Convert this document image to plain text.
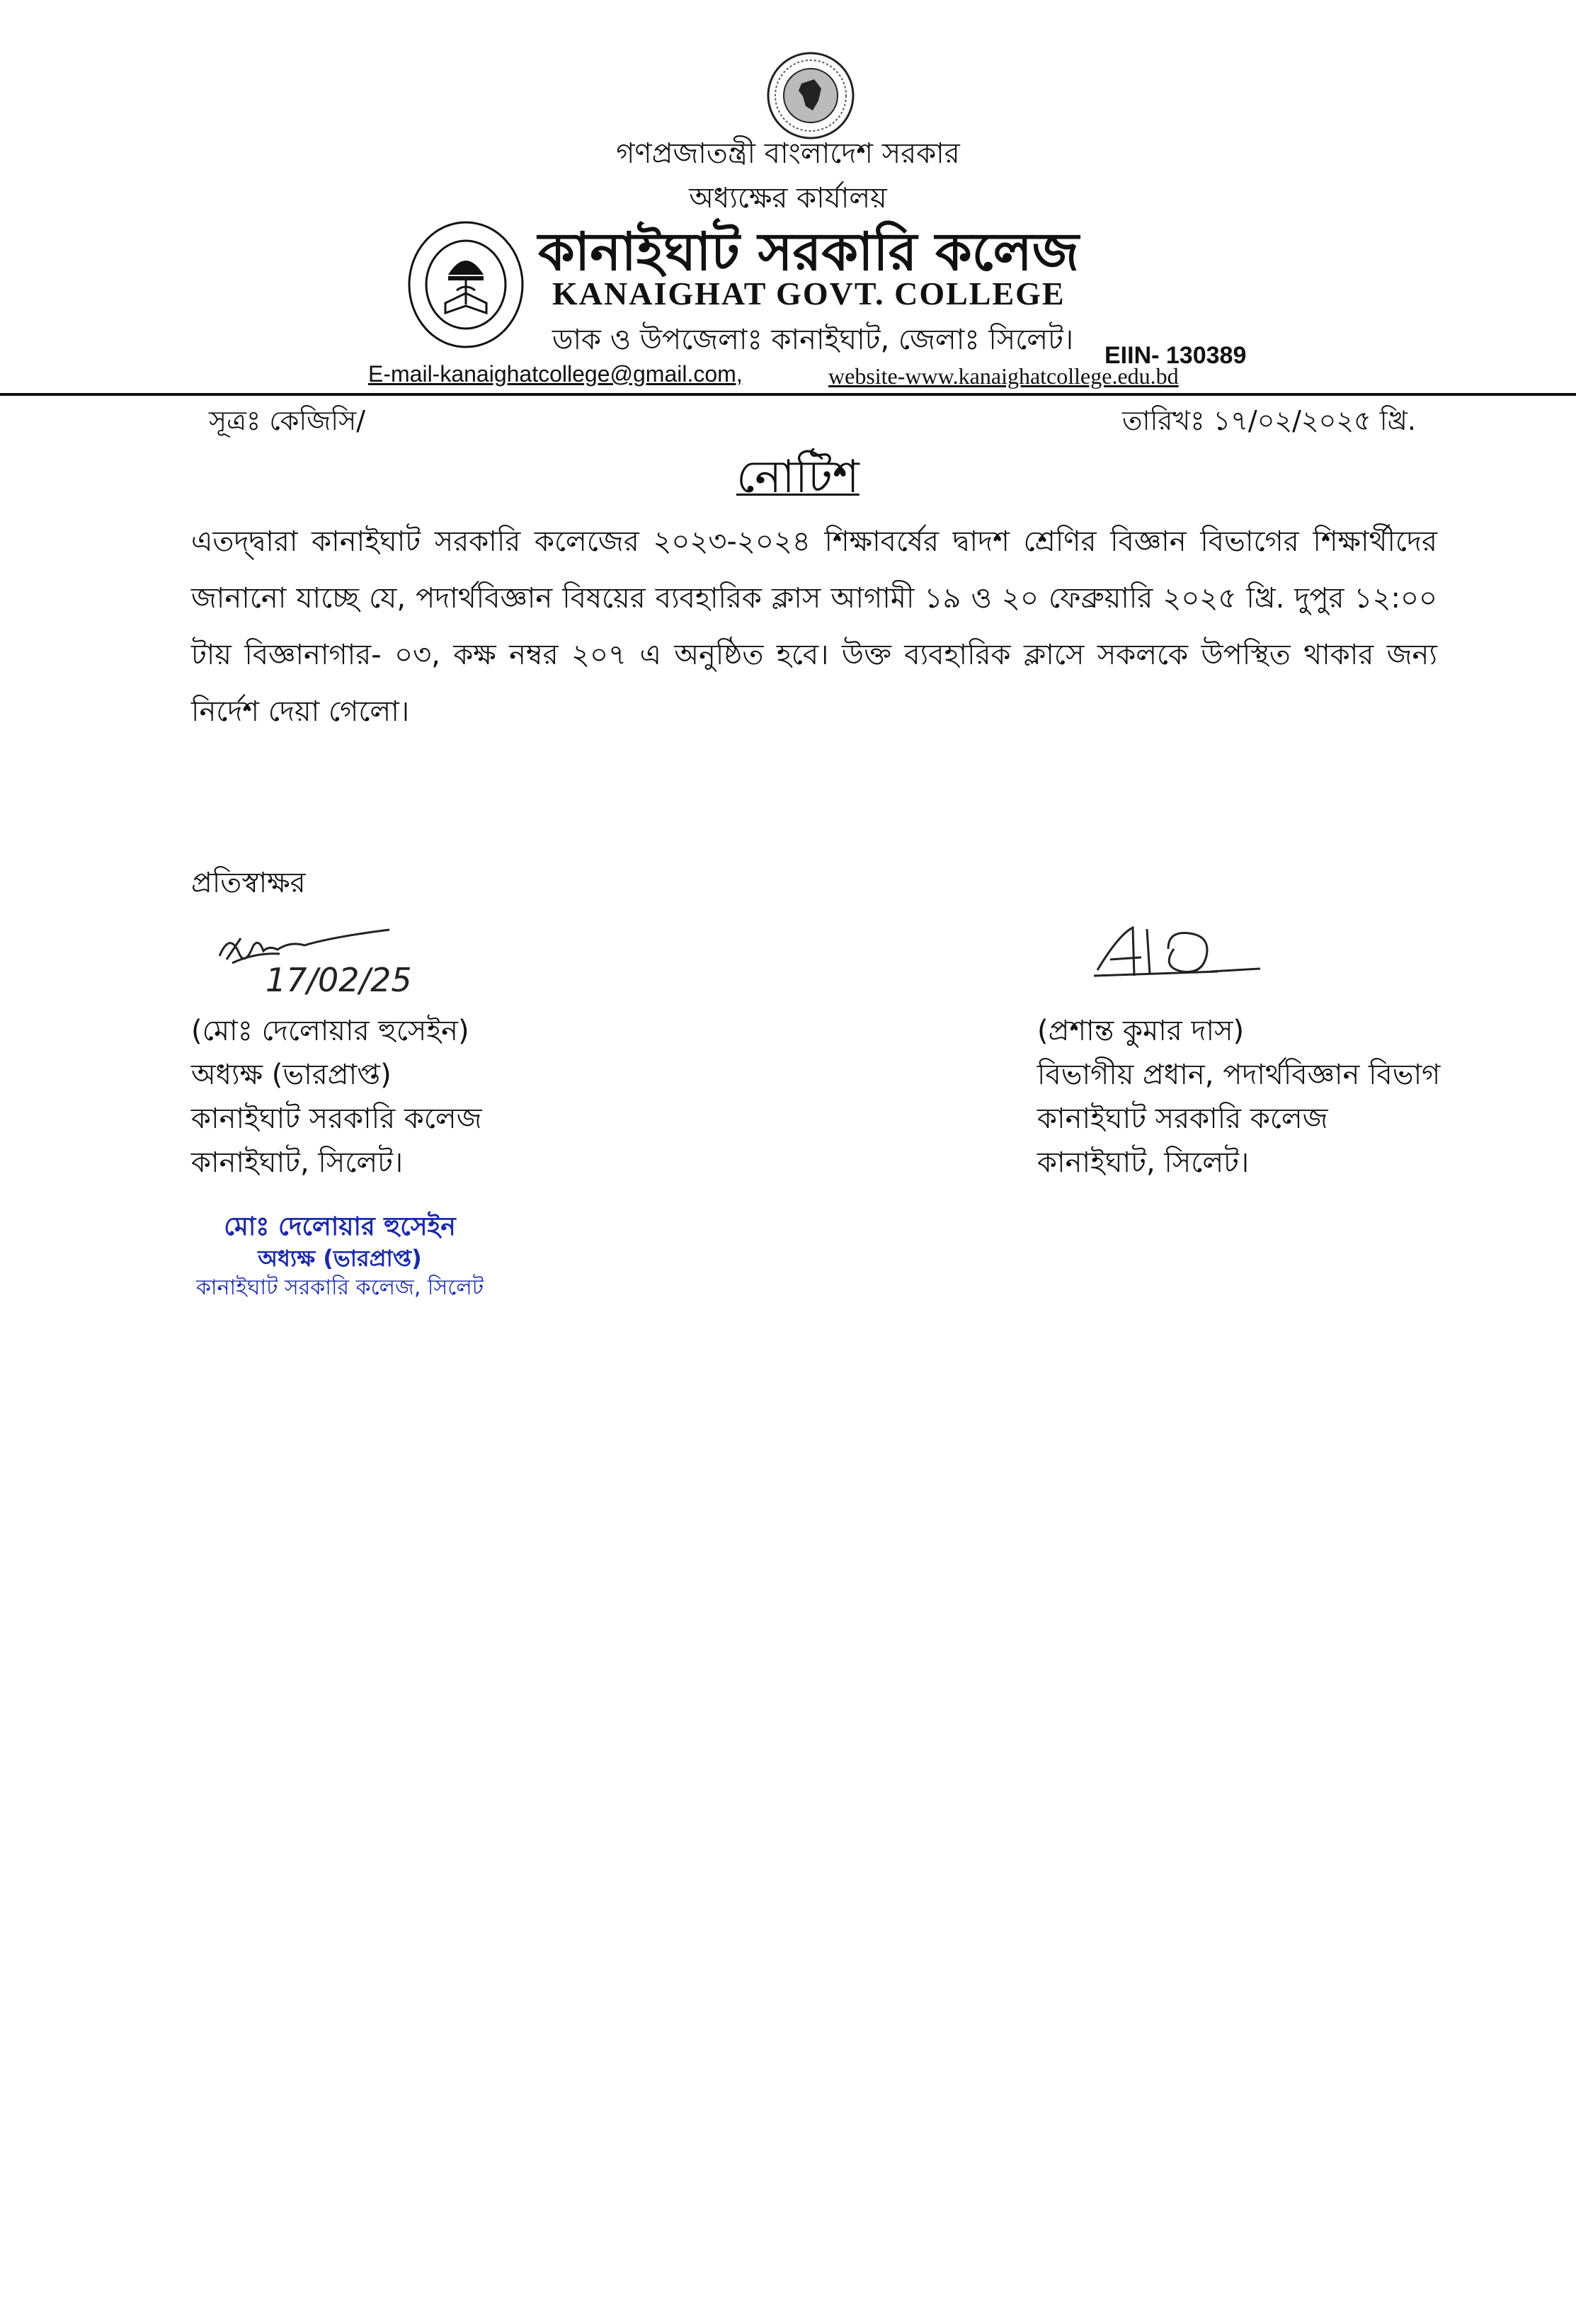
গণপ্রজাতন্ত্রী বাংলাদেশ সরকার
অধ্যক্ষের কার্যালয়
কানাইঘাট সরকারি কলেজ
KANAIGHAT GOVT. COLLEGE
ডাক ও উপজেলাঃ কানাইঘাট, জেলাঃ সিলেট। EIIN- 130389
E-mail-kanaighatcollege@gmail.com,	website-www.kanaighatcollege.edu.bd
সূত্রঃ কেজিসি/	তারিখঃ ১৭/০২/২০২৫ খ্রি.
নোটিশ
এতদ্দ্বারা কানাইঘাট সরকারি কলেজের ২০২৩-২০২৪ শিক্ষাবর্ষের দ্বাদশ শ্রেণির বিজ্ঞান বিভাগের শিক্ষার্থীদের জানানো যাচ্ছে যে, পদার্থবিজ্ঞান বিষয়ের ব্যবহারিক ক্লাস আগামী ১৯ ও ২০ ফেব্রুয়ারি ২০২৫ খ্রি. দুপুর ১২:০০ টায় বিজ্ঞানাগার- ০৩, কক্ষ নম্বর ২০৭ এ অনুষ্ঠিত হবে। উক্ত ব্যবহারিক ক্লাসে সকলকে উপস্থিত থাকার জন্য নির্দেশ দেয়া গেলো।
প্রতিস্বাক্ষর
17/02/25
(মোঃ দেলোয়ার হুসেইন)
অধ্যক্ষ (ভারপ্রাপ্ত)
কানাইঘাট সরকারি কলেজ
কানাইঘাট, সিলেট।
(প্রশান্ত কুমার দাস)
বিভাগীয় প্রধান, পদার্থবিজ্ঞান বিভাগ
কানাইঘাট সরকারি কলেজ
কানাইঘাট, সিলেট।
মোঃ দেলোয়ার হুসেইন
অধ্যক্ষ (ভারপ্রাপ্ত)
কানাইঘাট সরকারি কলেজ, সিলেট
